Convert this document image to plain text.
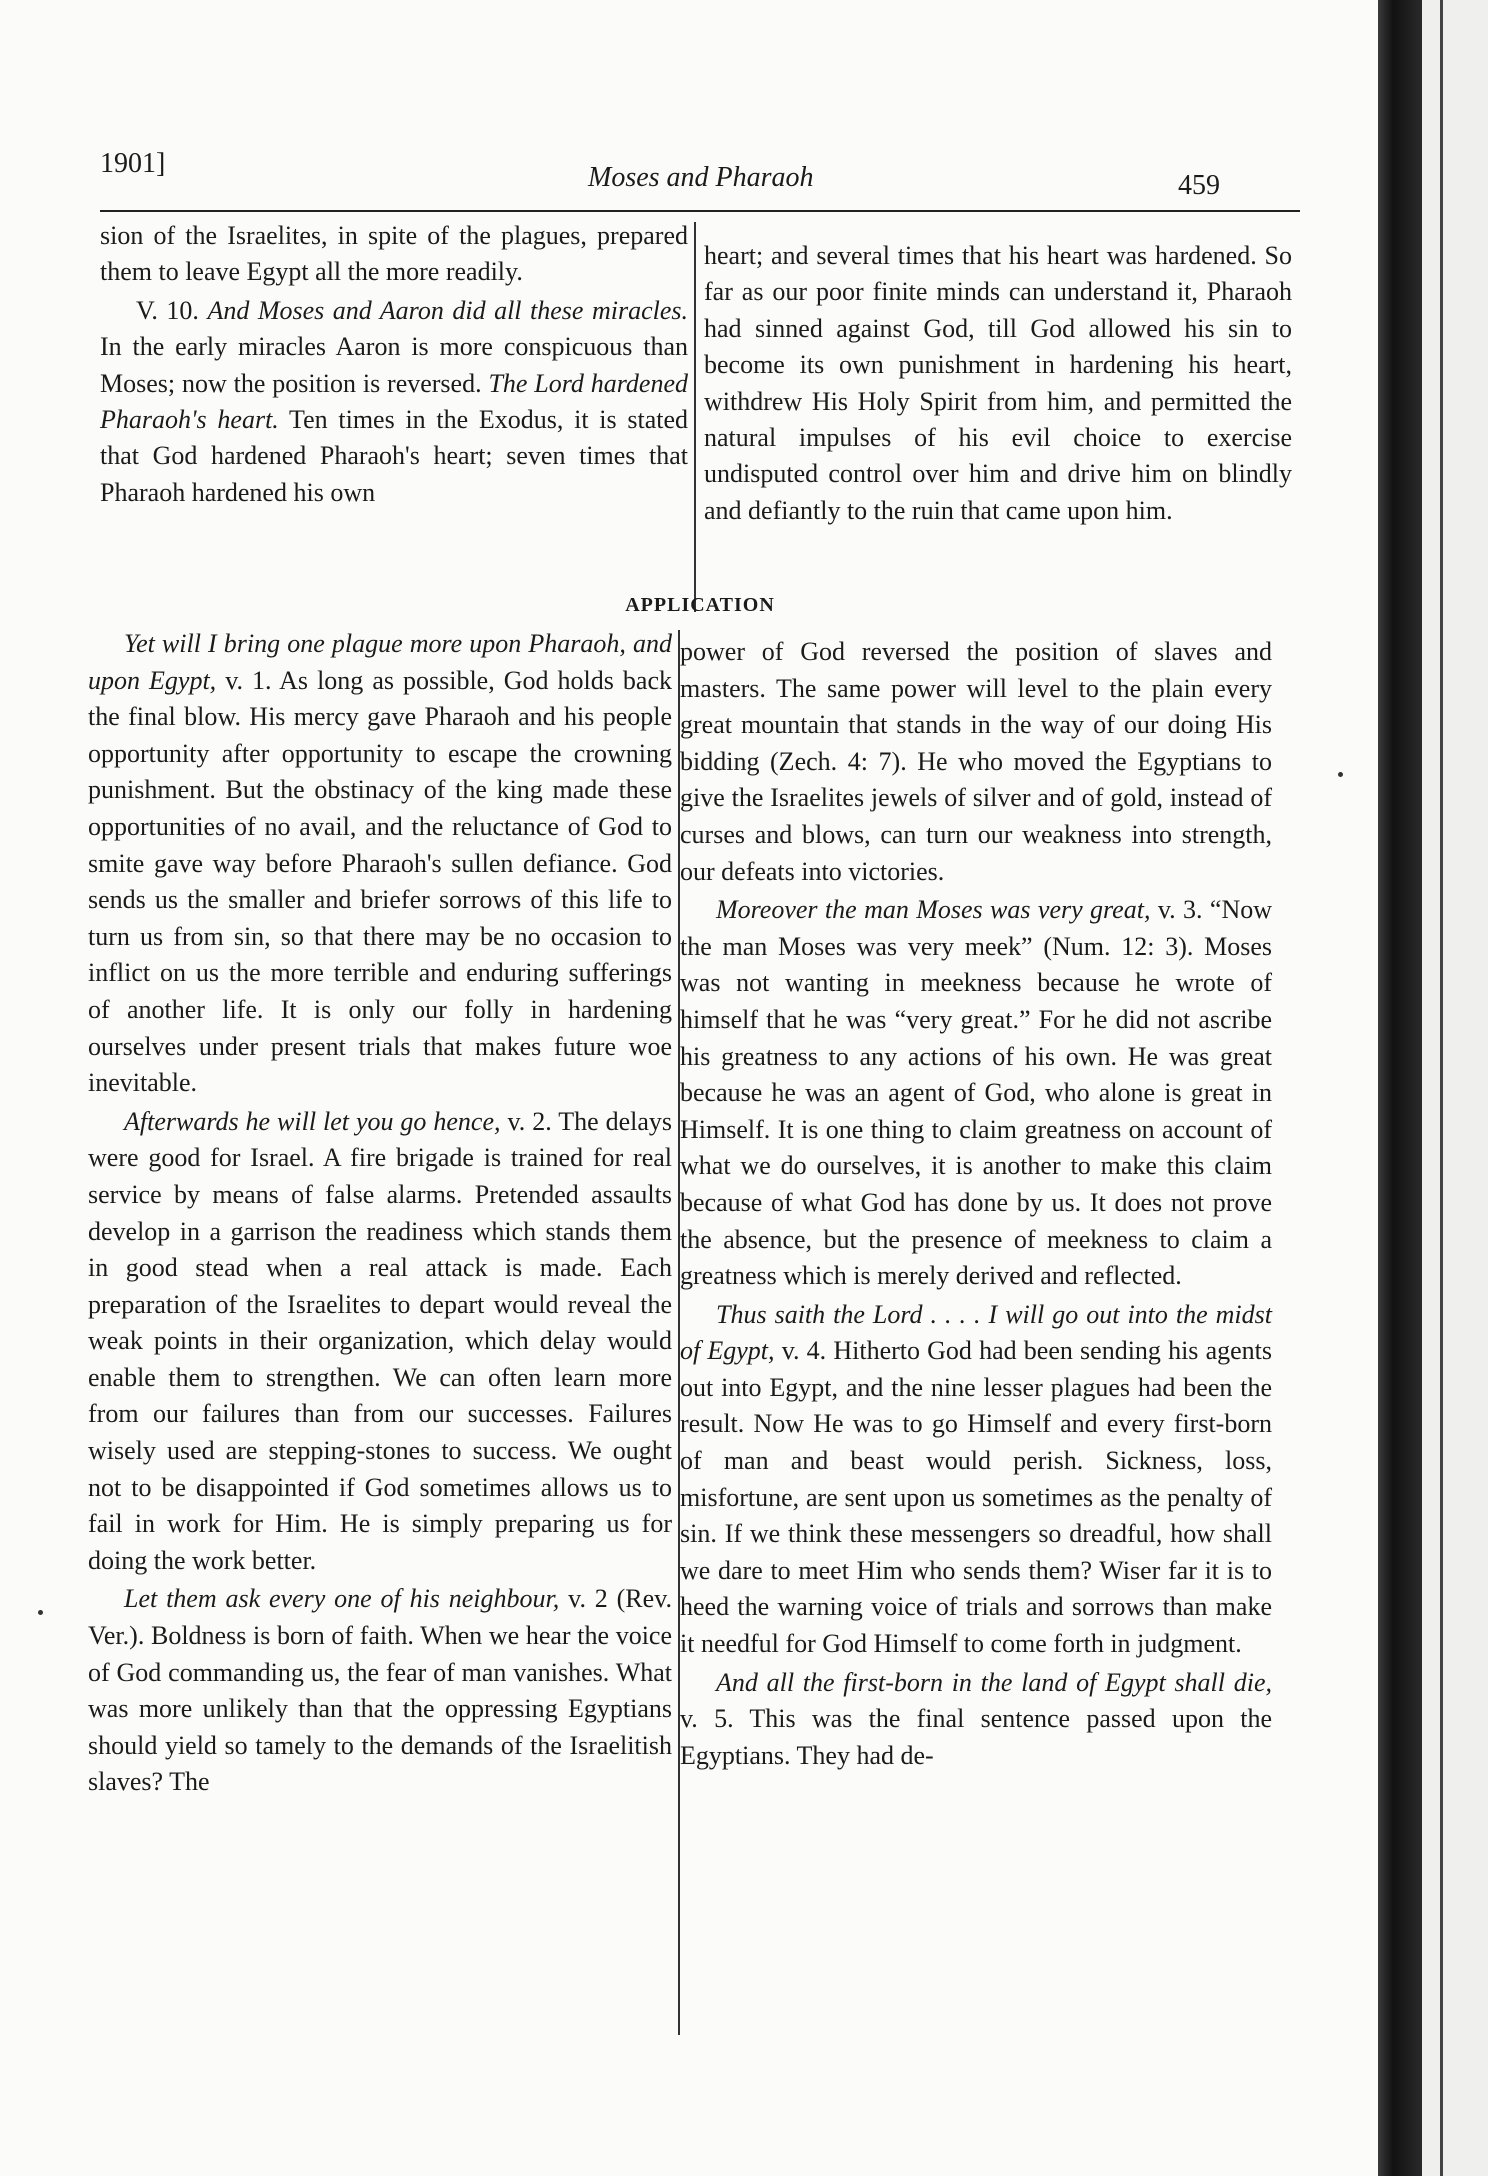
1901]	Moses and Pharaoh	459

sion of the Israelites, in spite of the plagues, prepared them to leave Egypt all the more readily.

V. 10. And Moses and Aaron did all these miracles. In the early miracles Aaron is more conspicuous than Moses; now the position is reversed. The Lord hardened Pharaoh's heart. Ten times in the Exodus, it is stated that God hardened Pharaoh's heart; seven times that Pharaoh hardened his own

heart; and several times that his heart was hardened. So far as our poor finite minds can understand it, Pharaoh had sinned against God, till God allowed his sin to become its own punishment in hardening his heart, withdrew His Holy Spirit from him, and permitted the natural impulses of his evil choice to exercise undisputed control over him and drive him on blindly and defiantly to the ruin that came upon him.

APPLICATION

Yet will I bring one plague more upon Pharaoh, and upon Egypt, v. 1. As long as possible, God holds back the final blow. His mercy gave Pharaoh and his people opportunity after opportunity to escape the crowning punishment. But the obstinacy of the king made these opportunities of no avail, and the reluctance of God to smite gave way before Pharaoh's sullen defiance. God sends us the smaller and briefer sorrows of this life to turn us from sin, so that there may be no occasion to inflict on us the more terrible and enduring sufferings of another life. It is only our folly in hardening ourselves under present trials that makes future woe inevitable.

Afterwards he will let you go hence, v. 2. The delays were good for Israel. A fire brigade is trained for real service by means of false alarms. Pretended assaults develop in a garrison the readiness which stands them in good stead when a real attack is made. Each preparation of the Israelites to depart would reveal the weak points in their organization, which delay would enable them to strengthen. We can often learn more from our failures than from our successes. Failures wisely used are stepping-stones to success. We ought not to be disappointed if God sometimes allows us to fail in work for Him. He is simply preparing us for doing the work better.

Let them ask every one of his neighbour, v. 2 (Rev. Ver.). Boldness is born of faith. When we hear the voice of God commanding us, the fear of man vanishes. What was more unlikely than that the oppressing Egyptians should yield so tamely to the demands of the Israelitish slaves? The

power of God reversed the position of slaves and masters. The same power will level to the plain every great mountain that stands in the way of our doing His bidding (Zech. 4: 7). He who moved the Egyptians to give the Israelites jewels of silver and of gold, instead of curses and blows, can turn our weakness into strength, our defeats into victories.

Moreover the man Moses was very great, v. 3. “Now the man Moses was very meek” (Num. 12: 3). Moses was not wanting in meekness because he wrote of himself that he was “very great.” For he did not ascribe his greatness to any actions of his own. He was great because he was an agent of God, who alone is great in Himself. It is one thing to claim greatness on account of what we do ourselves, it is another to make this claim because of what God has done by us. It does not prove the absence, but the presence of meekness to claim a greatness which is merely derived and reflected.

Thus saith the Lord . . . . I will go out into the midst of Egypt, v. 4. Hitherto God had been sending his agents out into Egypt, and the nine lesser plagues had been the result. Now He was to go Himself and every first-born of man and beast would perish. Sickness, loss, misfortune, are sent upon us sometimes as the penalty of sin. If we think these messengers so dreadful, how shall we dare to meet Him who sends them? Wiser far it is to heed the warning voice of trials and sorrows than make it needful for God Himself to come forth in judgment.

And all the first-born in the land of Egypt shall die, v. 5. This was the final sentence passed upon the Egyptians. They had de-
